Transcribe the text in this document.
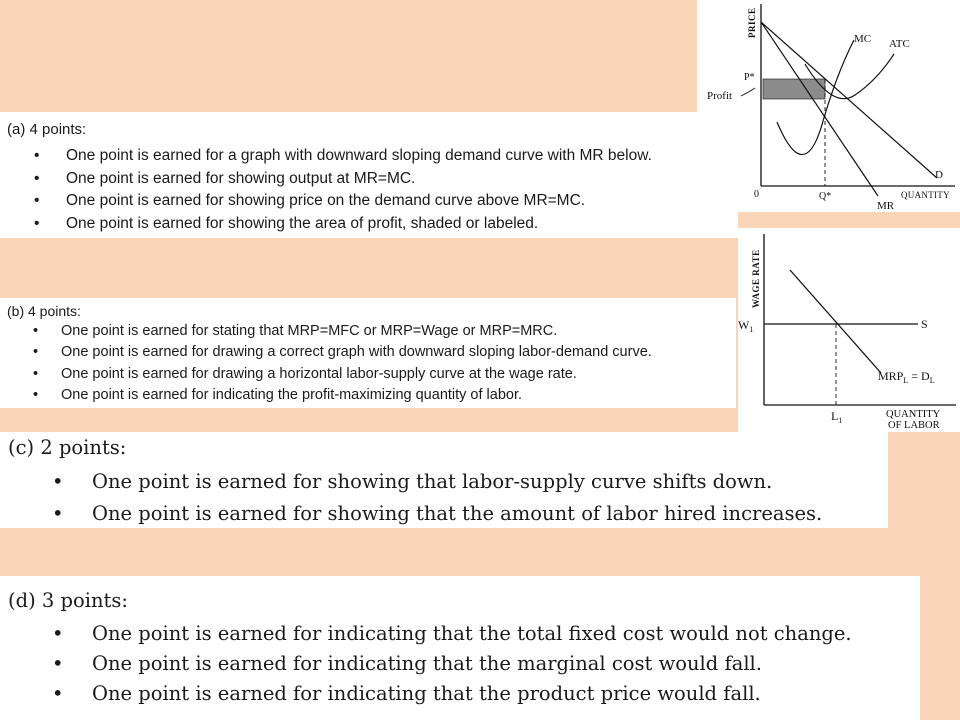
(a) 4 points:
• One point is earned for a graph with downward sloping demand curve with MR below.
• One point is earned for showing output at MR=MC.
• One point is earned for showing price on the demand curve above MR=MC.
• One point is earned for showing the area of profit, shaded or labeled.
(b) 4 points:
• One point is earned for stating that MRP=MFC or MRP=Wage or MRP=MRC.
• One point is earned for drawing a correct graph with downward sloping labor-demand curve.
• One point is earned for drawing a horizontal labor-supply curve at the wage rate.
• One point is earned for indicating the profit-maximizing quantity of labor.
(c) 2 points:
• One point is earned for showing that labor-supply curve shifts down.
• One point is earned for showing that the amount of labor hired increases.
(d) 3 points:
• One point is earned for indicating that the total fixed cost would not change.
• One point is earned for indicating that the marginal cost would fall.
• One point is earned for indicating that the product price would fall.
PRICE
MC ATC
P*
Profit
D
0	Q*	QUANTITY
MR
WAGE RATE
$W_1$	S
$MRP_L = D_L$
$L_1$
QUANTITY
OF LABOR
